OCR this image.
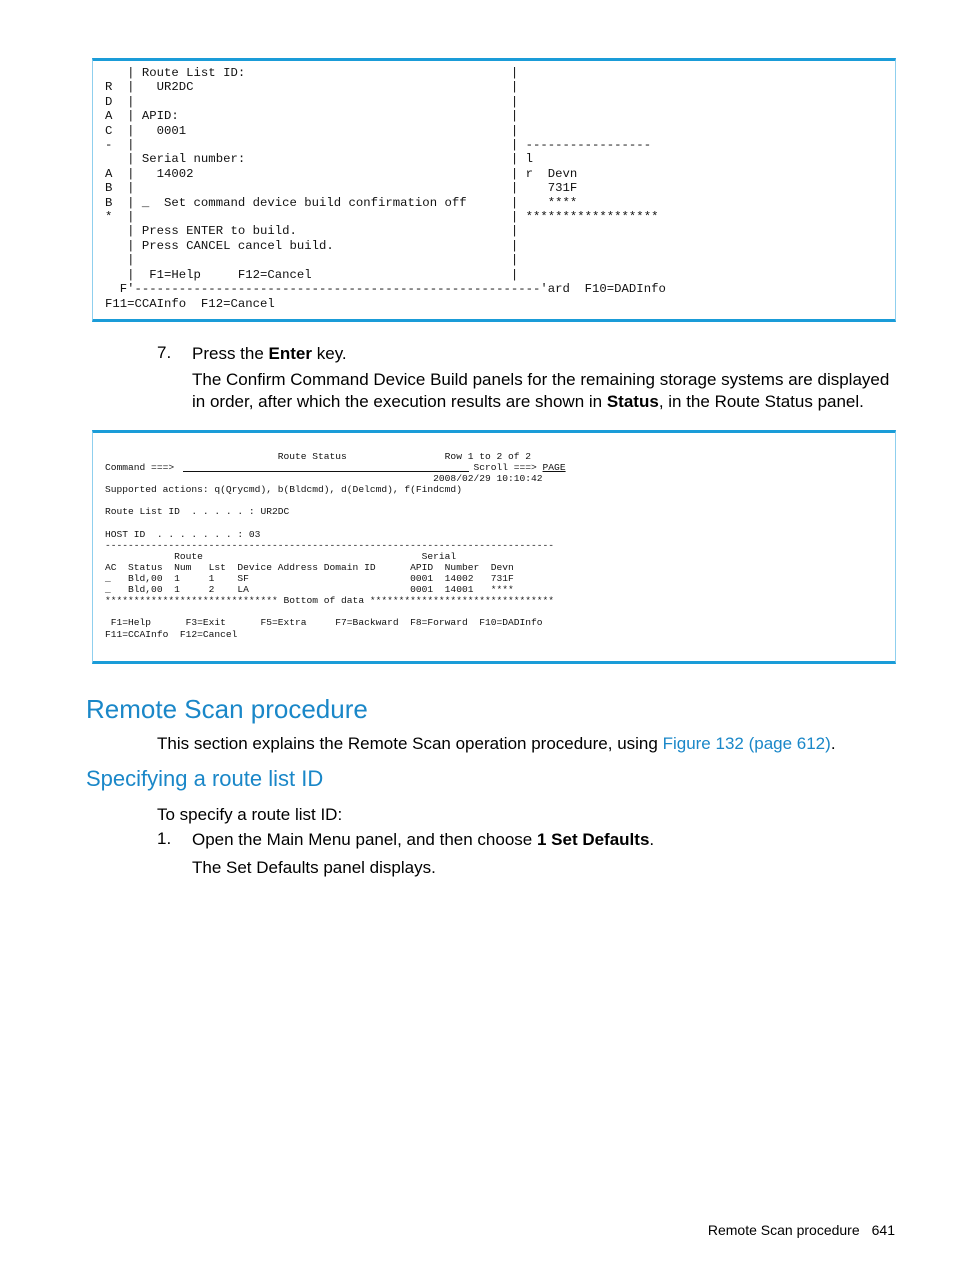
| Route List ID:                                    |
R  |   UR2DC                                           |
D  |                                                   |
A  | APID:                                             |
C  |   0001                                            |
-  |                                                   | -----------------
| Serial number:                                    | l
A  |   14002                                           | r  Devn
B  |                                                   |    731F
B  | _  Set command device build confirmation off      |    ****
*  |                                                   | ******************
| Press ENTER to build.                             |
| Press CANCEL cancel build.                        |
|                                                   |
|  F1=Help     F12=Cancel                           |
F'-------------------------------------------------------'ard  F10=DADInfo
F11=CCAInfo  F12=Cancel
7. Press the Enter key.
The Confirm Command Device Build panels for the remaining storage systems are displayed in order, after which the execution results are shown in Status, in the Route Status panel.
Route Status                 Row 1 to 2 of 2
Command ===>                                                    Scroll ===> PAGE
2008/02/29 10:10:42
Supported actions: q(Qrycmd), b(Bldcmd), d(Delcmd), f(Findcmd)

Route List ID  . . . . . : UR2DC

HOST ID  . . . . . . . : 03
------------------------------------------------------------------------------
Route                                      Serial
AC  Status  Num   Lst  Device Address Domain ID      APID  Number  Devn
_   Bld,00  1     1    SF                            0001  14002   731F
_   Bld,00  1     2    LA                            0001  14001   ****
****************************** Bottom of data ********************************

F1=Help      F3=Exit      F5=Extra     F7=Backward  F8=Forward  F10=DADInfo
F11=CCAInfo  F12=Cancel
Remote Scan procedure
This section explains the Remote Scan operation procedure, using Figure 132 (page 612).
Specifying a route list ID
To specify a route list ID:
1. Open the Main Menu panel, and then choose 1 Set Defaults.
The Set Defaults panel displays.
Remote Scan procedure 641
